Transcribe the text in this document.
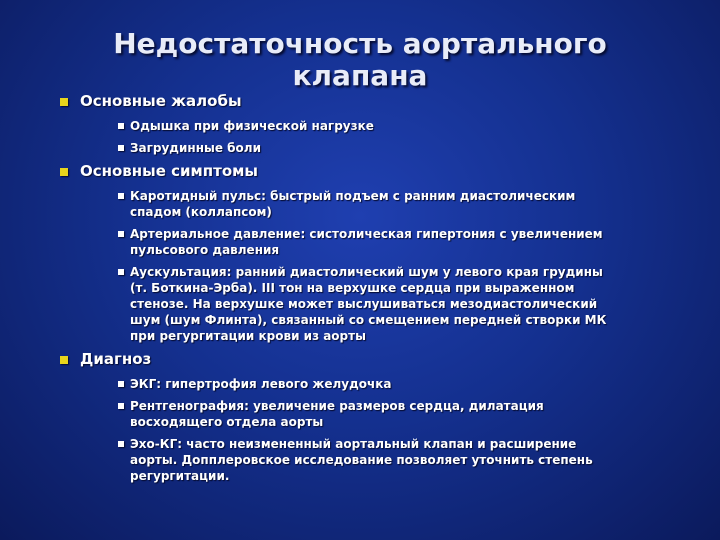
Недостаточность аортального клапана
Основные жалобы
Одышка при физической нагрузке
Загрудинные боли
Основные симптомы
Каротидный пульс: быстрый подъем с ранним диастолическим спадом (коллапсом)
Артериальное давление: систолическая гипертония с увеличением пульсового давления
Аускультация: ранний диастолический шум у левого края грудины (т. Боткина-Эрба). III тон на верхушке сердца при выраженном стенозе. На верхушке может выслушиваться мезодиастолический шум (шум Флинта), связанный со смещением передней створки МК при регургитации крови из аорты
Диагноз
ЭКГ: гипертрофия левого желудочка
Рентгенография: увеличение размеров сердца, дилатация восходящего отдела аорты
Эхо-КГ: часто неизмененный аортальный клапан и расширение аорты. Допплеровское исследование позволяет уточнить степень регургитации.
